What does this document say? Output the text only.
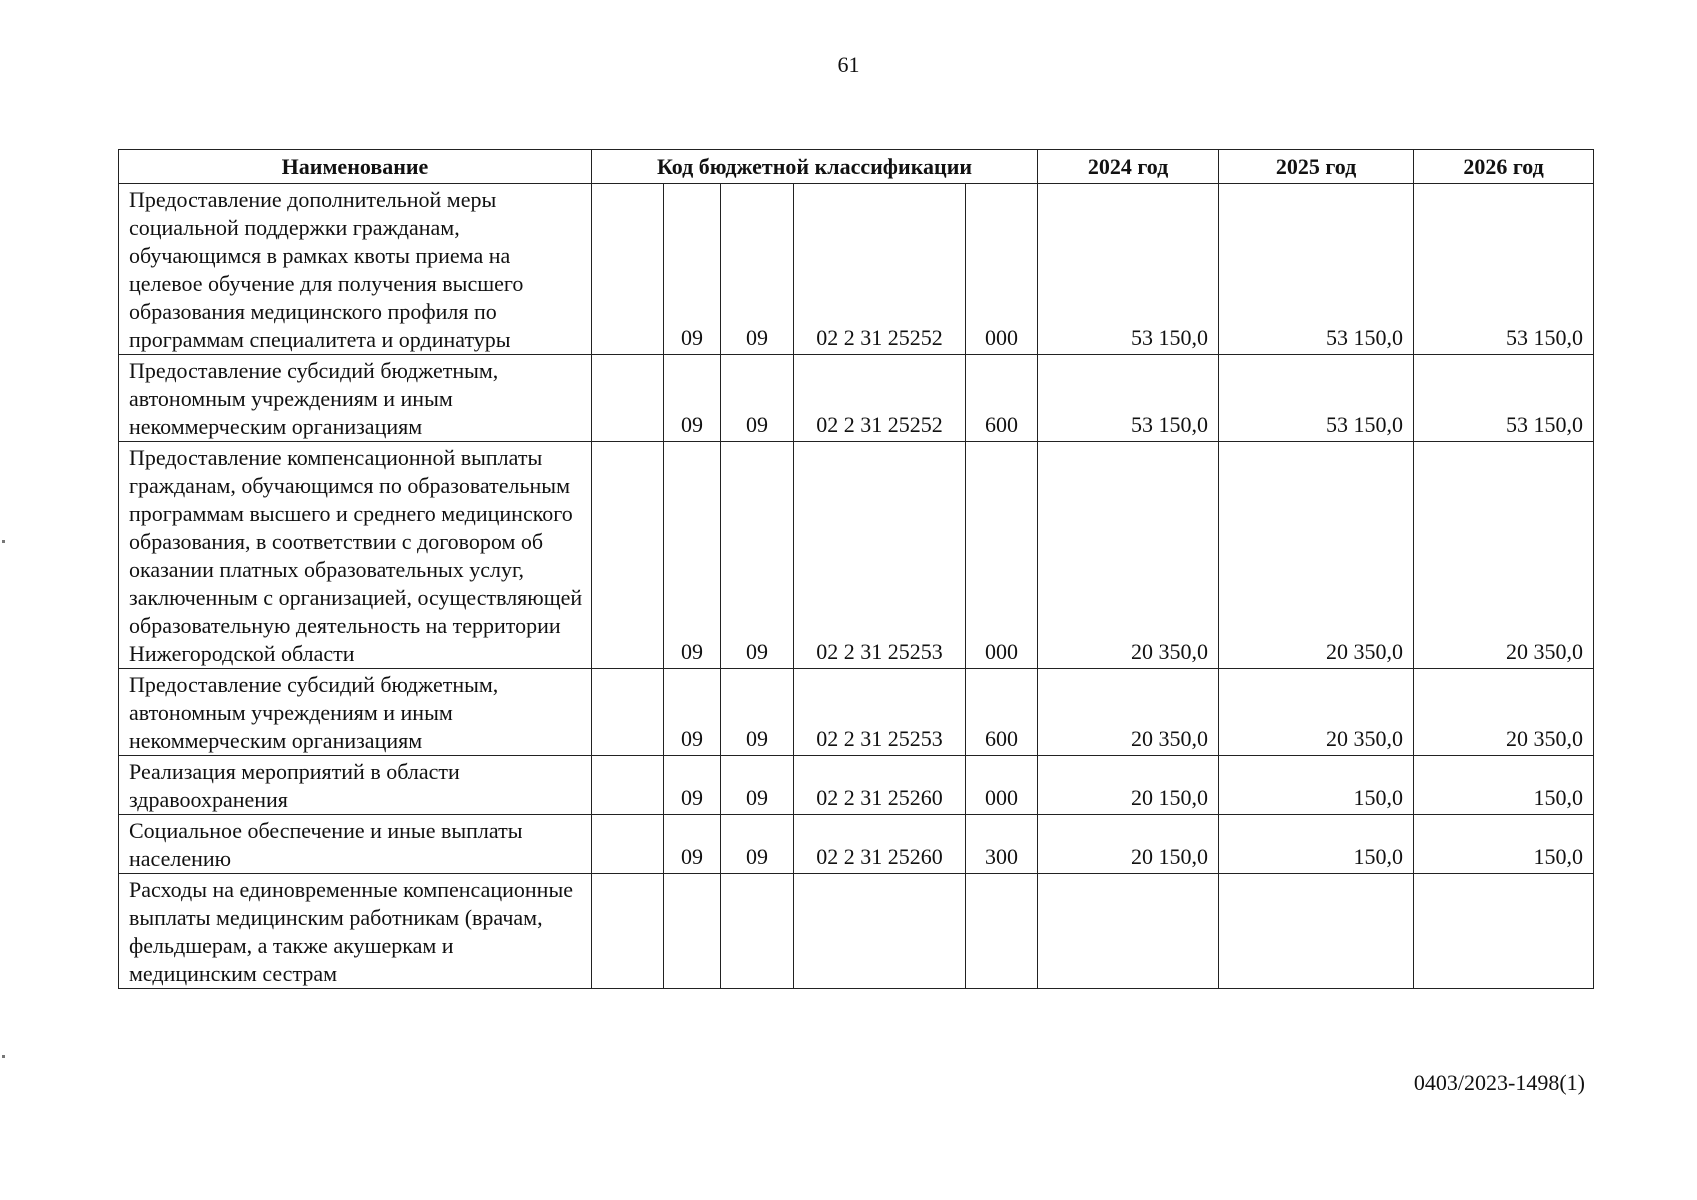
61
Наименование	Код бюджетной классификации					2024 год	2025 год	2026 год
Предоставление дополнительной меры социальной поддержки гражданам, обучающимся в рамках квоты приема на целевое обучение для получения высшего образования медицинского профиля по программам специалитета и ординатуры		09	09	02 2 31 25252	000	53 150,0	53 150,0	53 150,0
Предоставление субсидий бюджетным, автономным учреждениям и иным некоммерческим организациям		09	09	02 2 31 25252	600	53 150,0	53 150,0	53 150,0
Предоставление компенсационной выплаты гражданам, обучающимся по образовательным программам высшего и среднего медицинского образования, в соответствии с договором об оказании платных образовательных услуг, заключенным с организацией, осуществляющей образовательную деятельность на территории Нижегородской области		09	09	02 2 31 25253	000	20 350,0	20 350,0	20 350,0
Предоставление субсидий бюджетным, автономным учреждениям и иным некоммерческим организациям		09	09	02 2 31 25253	600	20 350,0	20 350,0	20 350,0
Реализация мероприятий в области здравоохранения		09	09	02 2 31 25260	000	20 150,0	150,0	150,0
Социальное обеспечение и иные выплаты населению		09	09	02 2 31 25260	300	20 150,0	150,0	150,0
Расходы на единовременные компенсационные выплаты медицинским работникам (врачам, фельдшерам, а также акушеркам и медицинским сестрам								
0403/2023-1498(1)
